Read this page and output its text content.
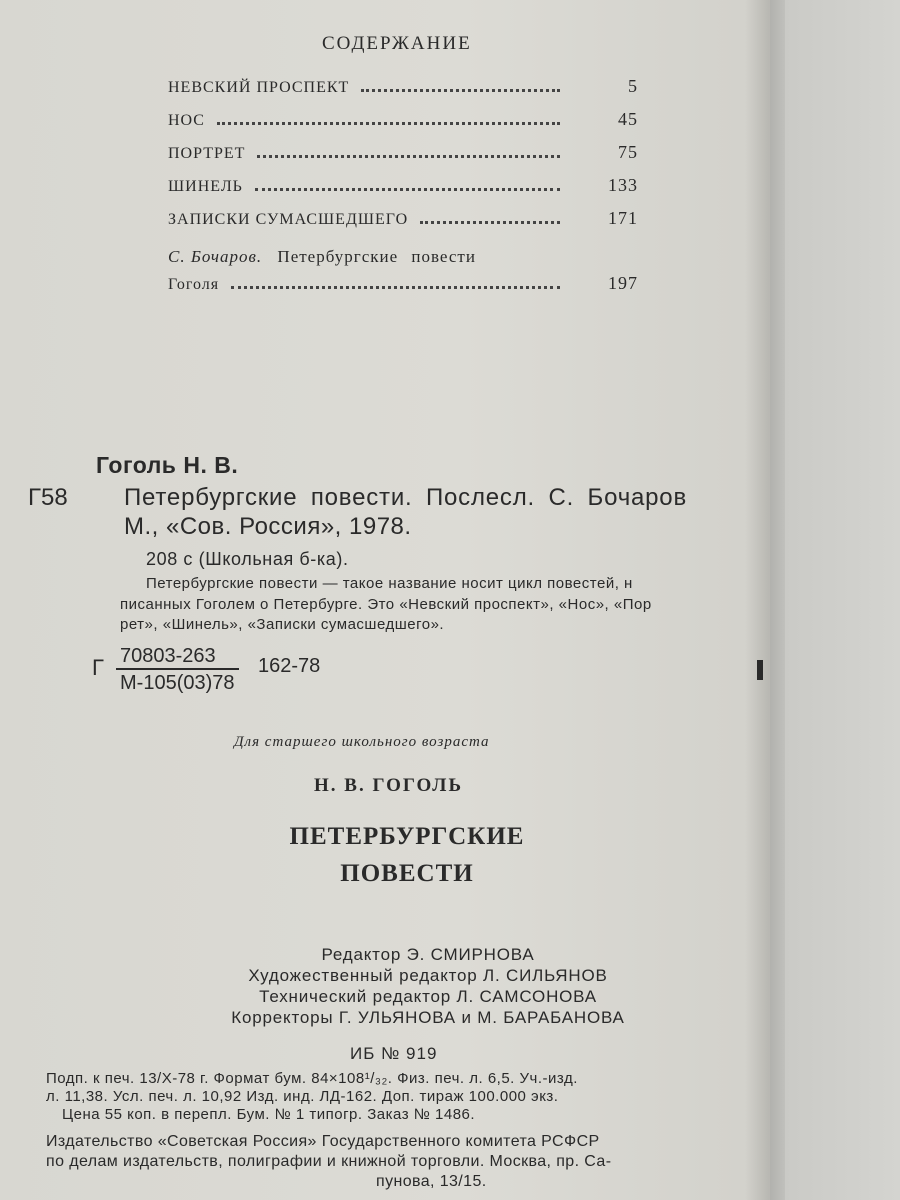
СОДЕРЖАНИЕ
НЕВСКИЙ ПРОСПЕКТ	5
НОС	45
ПОРТРЕТ	75
ШИНЕЛЬ	133
ЗАПИСКИ СУМАСШЕДШЕГО	171
С. Бочаров. Петербургские повести
Гоголя	197
Гоголь Н. В.
Г58 Петербургские повести. Послесл. С. Бочаров
М., «Сов. Россия», 1978.
208 с (Школьная б-ка).
Петербургские повести — такое название носит цикл повестей, н
писанных Гоголем о Петербурге. Это «Невский проспект», «Нос», «Пор
рет», «Шинель», «Записки сумасшедшего».
Г 70803-263
М-105(03)78
162-78
Для старшего школьного возраста
Н. В. ГОГОЛЬ
ПЕТЕРБУРГСКИЕ
ПОВЕСТИ
Редактор Э. СМИРНОВА
Художественный редактор Л. СИЛЬЯНОВ
Технический редактор Л. САМСОНОВА
Корректоры Г. УЛЬЯНОВА и М. БАРАБАНОВА
ИБ № 919
Подп. к печ. 13/X-78 г. Формат бум. 84×108¹/₃₂. Физ. печ. л. 6,5. Уч.-изд.
л. 11,38. Усл. печ. л. 10,92 Изд. инд. ЛД-162. Доп. тираж 100.000 экз.
Цена 55 коп. в перепл. Бум. № 1 типогр. Заказ № 1486.
Издательство «Советская Россия» Государственного комитета РСФСР
по делам издательств, полиграфии и книжной торговли. Москва, пр. Са-
пунова, 13/15.
